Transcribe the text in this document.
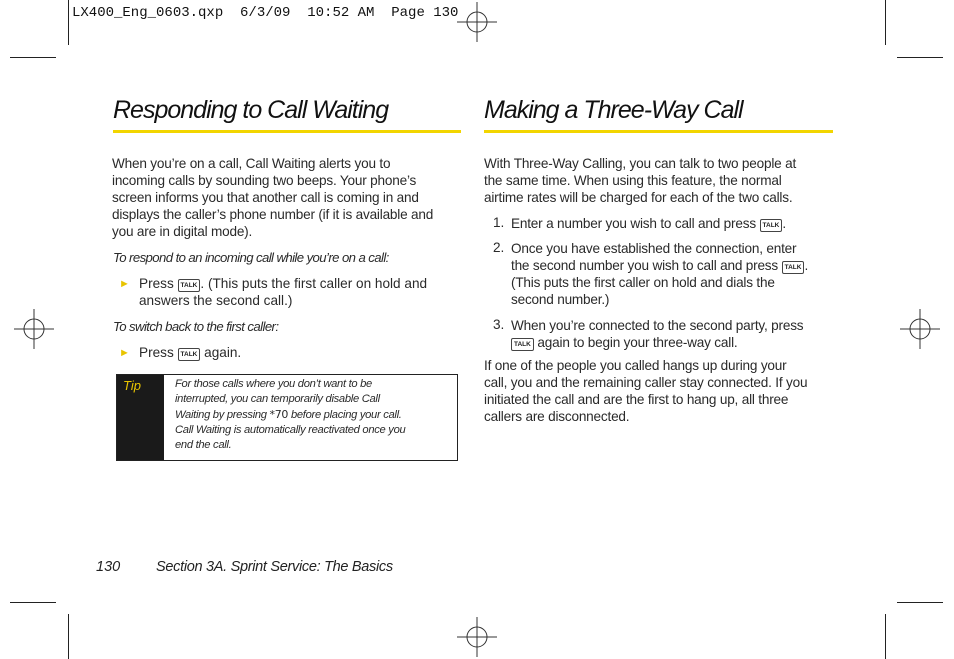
LX400_Eng_0603.qxp  6/3/09  10:52 AM  Page 130
Responding to Call Waiting
When you’re on a call, Call Waiting alerts you to
incoming calls by sounding two beeps. Your phone’s
screen informs you that another call is coming in and
displays the caller’s phone number (if it is available and
you are in digital mode).
To respond to an incoming call while you’re on a call:
► Press TALK . (This puts the first caller on hold and
answers the second call.)
To switch back to the first caller:
► Press TALK again.
Tip	For those calls where you don’t want to be
interrupted, you can temporarily disable Call
Waiting by pressing *70 before placing your call.
Call Waiting is automatically reactivated once you
end the call.
Making a Three-Way Call
With Three-Way Calling, you can talk to two people at
the same time. When using this feature, the normal
airtime rates will be charged for each of the two calls.
1. Enter a number you wish to call and press TALK .
2. Once you have established the connection, enter
the second number you wish to call and press TALK .
(This puts the first caller on hold and dials the
second number.)
3. When you’re connected to the second party, press
TALK again to begin your three-way call.
If one of the people you called hangs up during your
call, you and the remaining caller stay connected. If you
initiated the call and are the first to hang up, all three
callers are disconnected.
130 Section 3A. Sprint Service: The Basics
